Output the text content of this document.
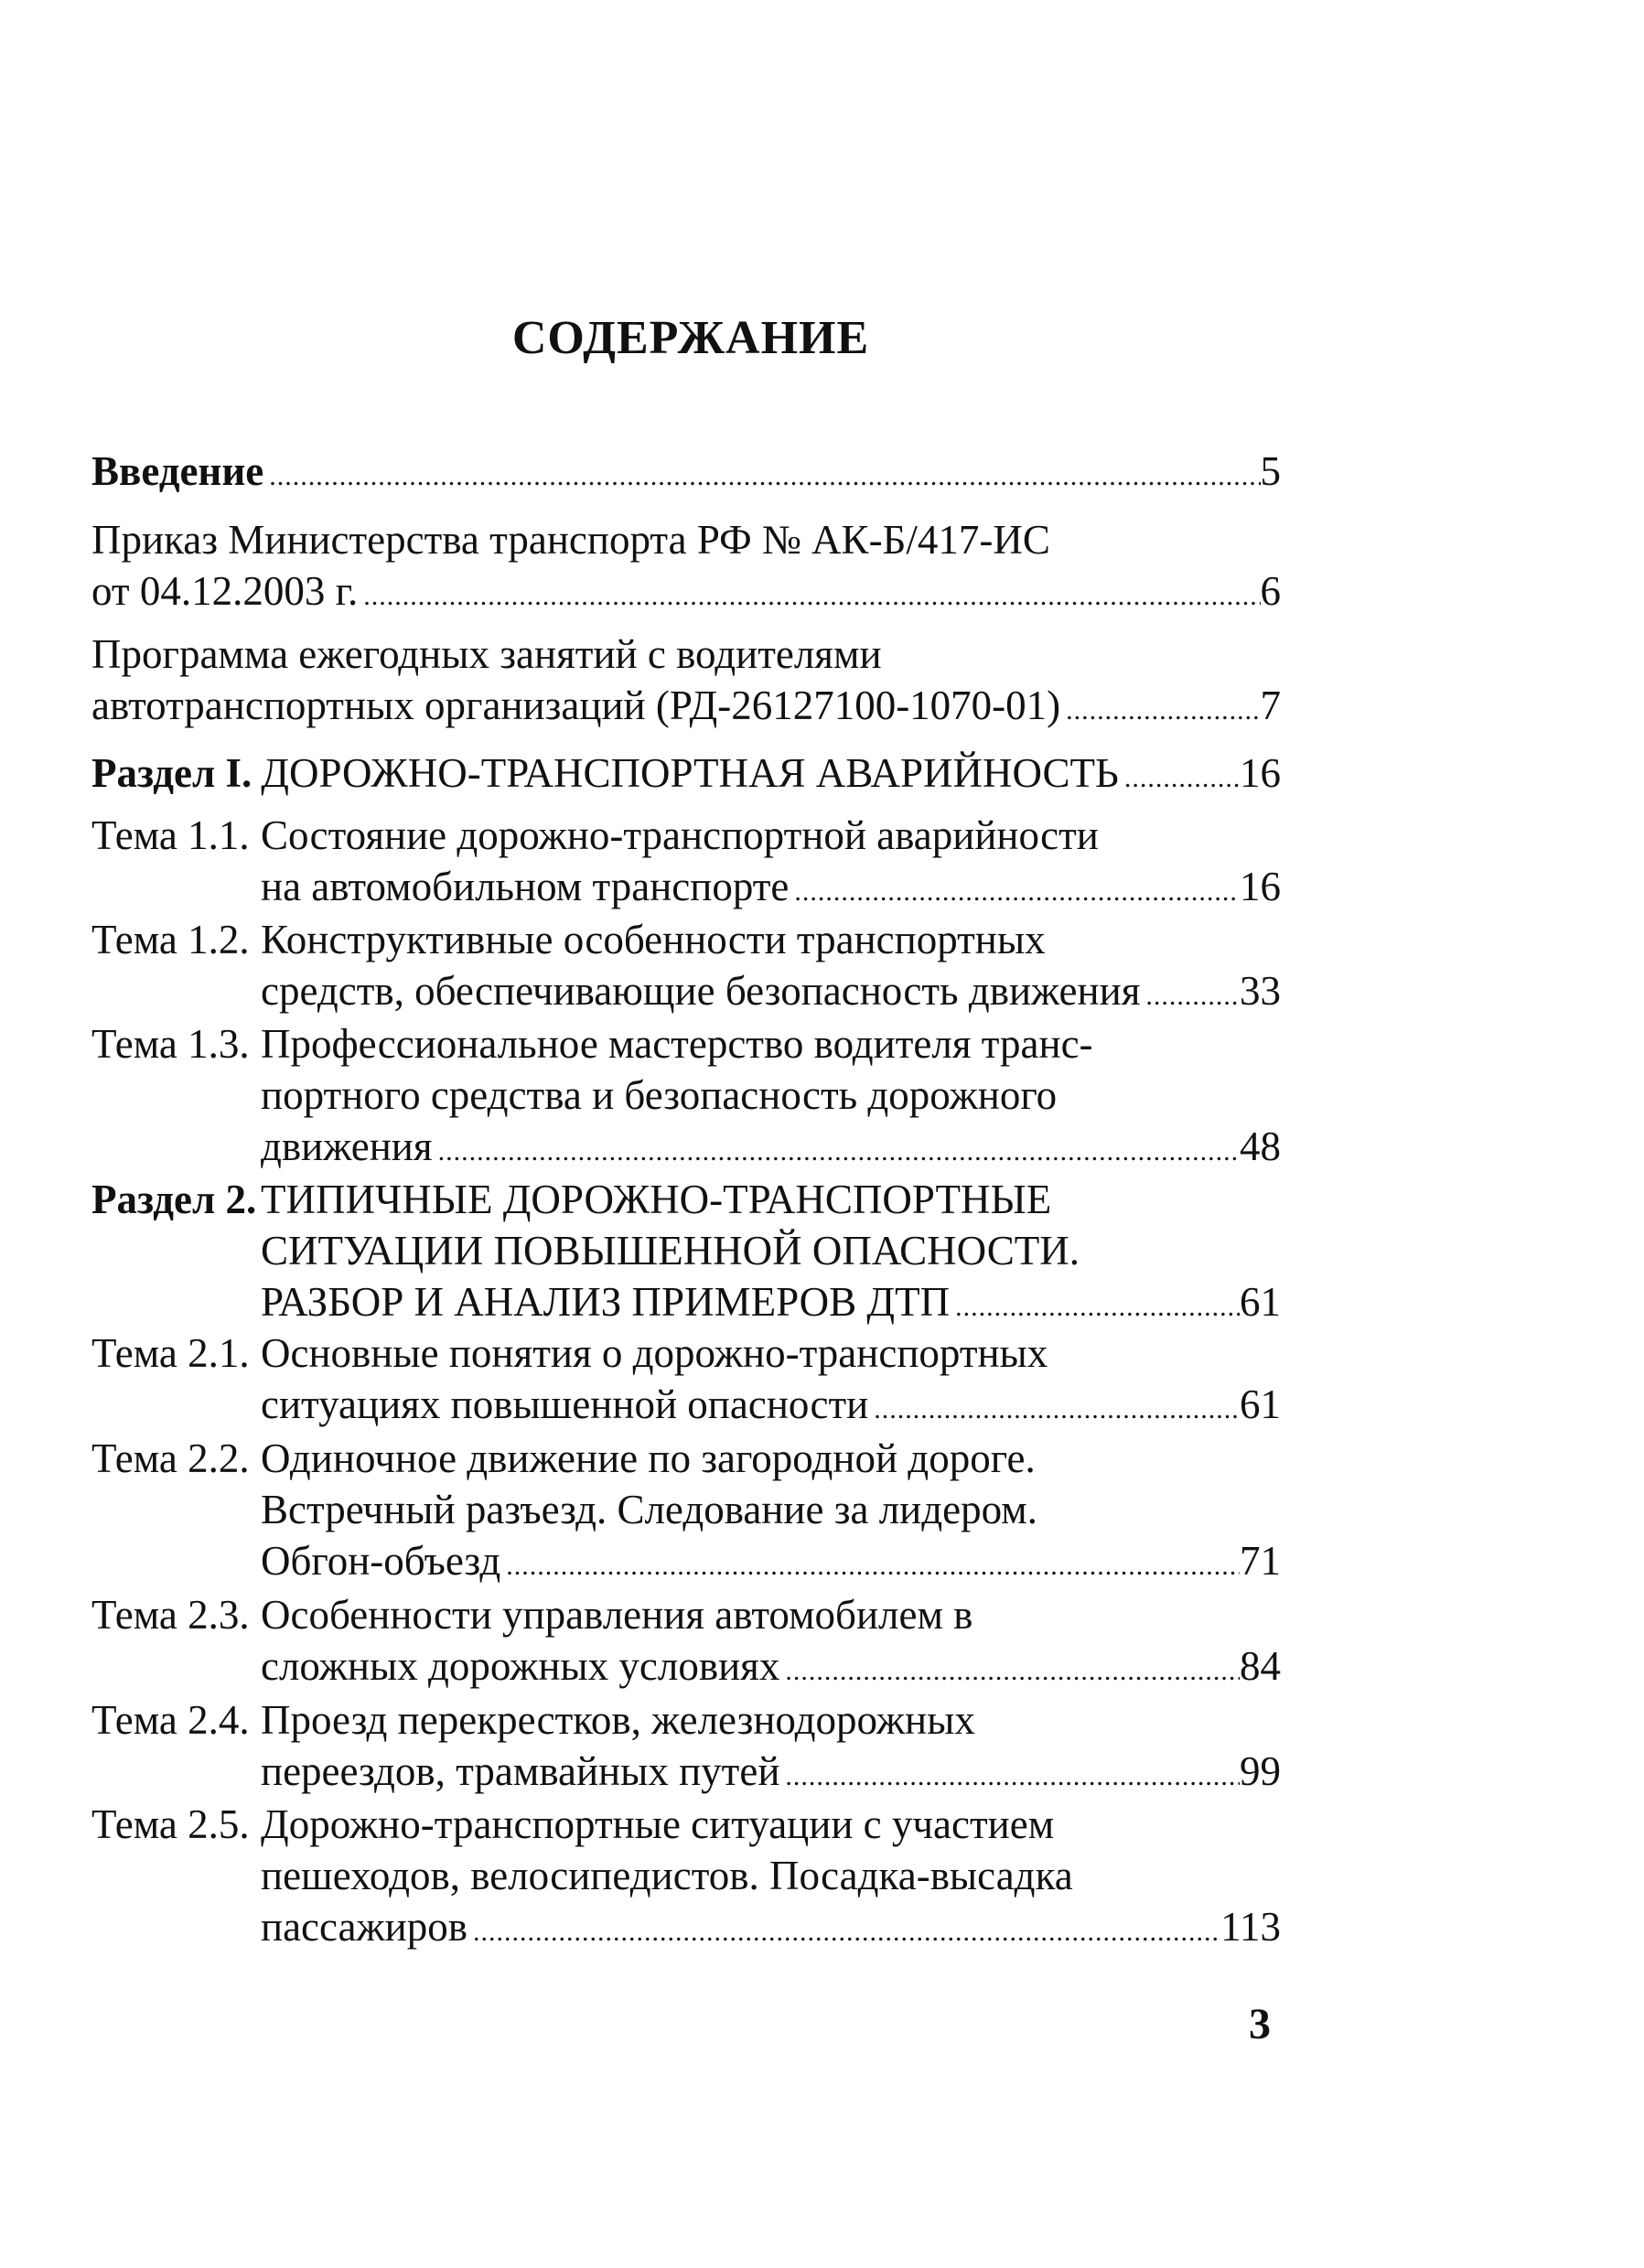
СОДЕРЖАНИЕ
Введение .....	5
Приказ Министерства транспорта РФ № АК-Б/417-ИС
от 04.12.2003 г. .....	6
Программа ежегодных занятий с водителями
автотранспортных организаций (РД-26127100-1070-01) .....	7
Раздел I. ДОРОЖНО-ТРАНСПОРТНАЯ АВАРИЙНОСТЬ .....	16
Тема 1.1. Состояние дорожно-транспортной аварийности
на автомобильном транспорте .....	16
Тема 1.2. Конструктивные особенности транспортных
средств, обеспечивающие безопасность движения ..... 33
Тема 1.3. Профессиональное мастерство водителя транс-
портного средства и безопасность дорожного
движения .....	48
Раздел 2. ТИПИЧНЫЕ ДОРОЖНО-ТРАНСПОРТНЫЕ
СИТУАЦИИ ПОВЫШЕННОЙ ОПАСНОСТИ.
РАЗБОР И АНАЛИЗ ПРИМЕРОВ ДТП .....	61
Тема 2.1. Основные понятия о дорожно-транспортных
ситуациях повышенной опасности .....	61
Тема 2.2. Одиночное движение по загородной дороге.
Встречный разъезд. Следование за лидером.
Обгон-объезд .....	71
Тема 2.3. Особенности управления автомобилем в
сложных дорожных условиях .....	84
Тема 2.4. Проезд перекрестков, железнодорожных
переездов, трамвайных путей .....	99
Тема 2.5. Дорожно-транспортные ситуации с участием
пешеходов, велосипедистов. Посадка-высадка
пассажиров .....	113
3
